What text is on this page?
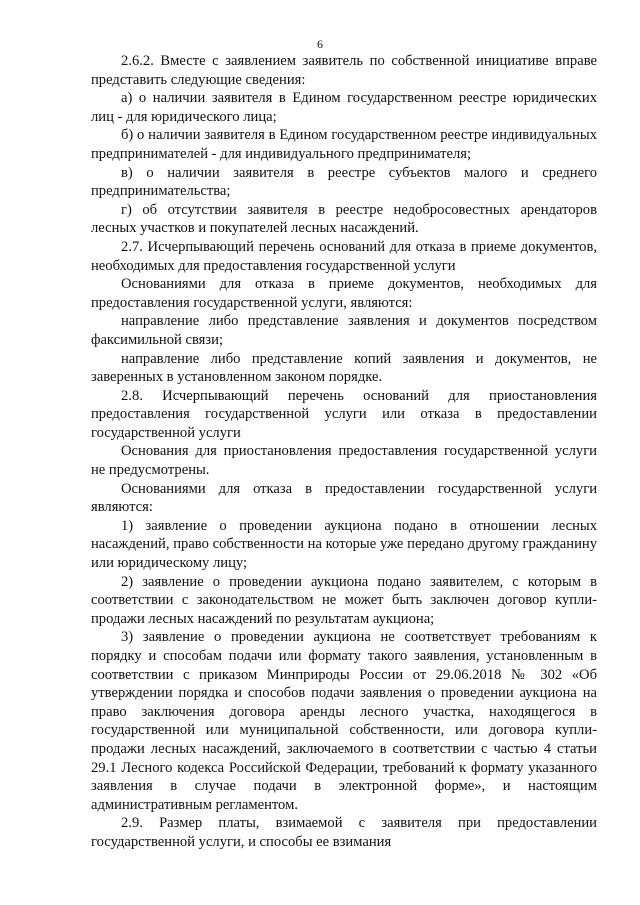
6

2.6.2. Вместе с заявлением заявитель по собственной инициативе вправе представить следующие сведения:

а) о наличии заявителя в Едином государственном реестре юридических лиц - для юридического лица;

б) о наличии заявителя в Едином государственном реестре индивидуальных предпринимателей - для индивидуального предпринимателя;

в) о наличии заявителя в реестре субъектов малого и среднего предпринимательства;

г) об отсутствии заявителя в реестре недобросовестных арендаторов лесных участков и покупателей лесных насаждений.

2.7. Исчерпывающий перечень оснований для отказа в приеме документов, необходимых для предоставления государственной услуги

Основаниями для отказа в приеме документов, необходимых для предоставления государственной услуги, являются:

направление либо представление заявления и документов посредством факсимильной связи;

направление либо представление копий заявления и документов, не заверенных в установленном законом порядке.

2.8. Исчерпывающий перечень оснований для приостановления предоставления государственной услуги или отказа в предоставлении государственной услуги

Основания для приостановления предоставления государственной услуги не предусмотрены.

Основаниями для отказа в предоставлении государственной услуги являются:

1) заявление о проведении аукциона подано в отношении лесных насаждений, право собственности на которые уже передано другому гражданину или юридическому лицу;

2) заявление о проведении аукциона подано заявителем, с которым в соответствии с законодательством не может быть заключен договор купли-продажи лесных насаждений по результатам аукциона;

3) заявление о проведении аукциона не соответствует требованиям к порядку и способам подачи или формату такого заявления, установленным в соответствии с приказом Минприроды России от 29.06.2018 № 302 «Об утверждении порядка и способов подачи заявления о проведении аукциона на право заключения договора аренды лесного участка, находящегося в государственной или муниципальной собственности, или договора купли-продажи лесных насаждений, заключаемого в соответствии с частью 4 статьи 29.1 Лесного кодекса Российской Федерации, требований к формату указанного заявления в случае подачи в электронной форме», и настоящим административным регламентом.

2.9. Размер платы, взимаемой с заявителя при предоставлении государственной услуги, и способы ее взимания
